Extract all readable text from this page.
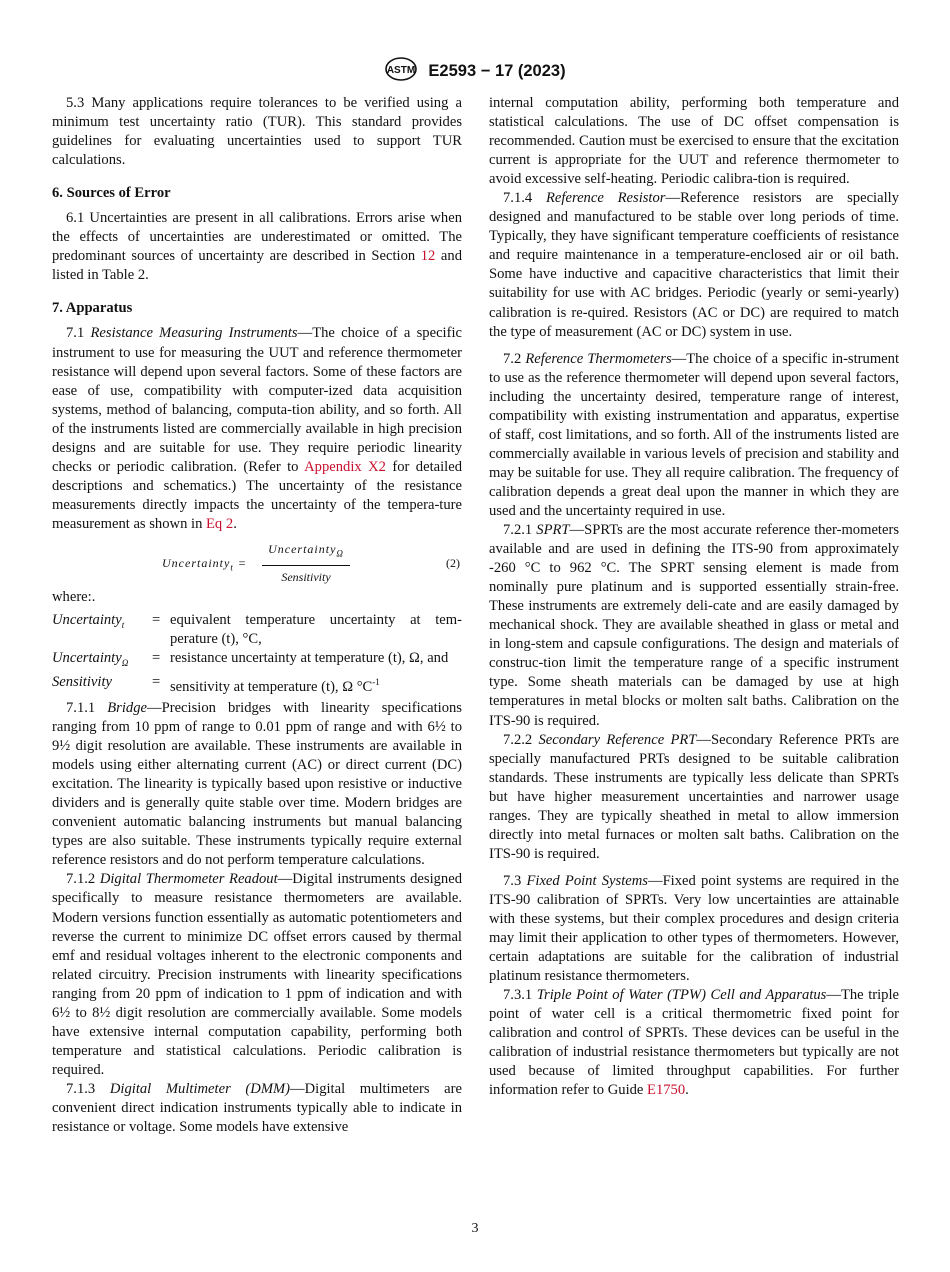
ASTM E2593 − 17 (2023)

5.3 Many applications require tolerances to be verified using a minimum test uncertainty ratio (TUR). This standard provides guidelines for evaluating uncertainties used to support TUR calculations.

6. Sources of Error

6.1 Uncertainties are present in all calibrations. Errors arise when the effects of uncertainties are underestimated or omitted. The predominant sources of uncertainty are described in Section 12 and listed in Table 2.

7. Apparatus

7.1 Resistance Measuring Instruments—The choice of a specific instrument to use for measuring the UUT and reference thermometer resistance will depend upon several factors. Some of these factors are ease of use, compatibility with computer-ized data acquisition systems, method of balancing, computa-tion ability, and so forth. All of the instruments listed are commercially available in high precision designs and are suitable for use. They require periodic linearity checks or periodic calibration. (Refer to Appendix X2 for detailed descriptions and schematics.) The uncertainty of the resistance measurements directly impacts the uncertainty of the tempera-ture measurement as shown in Eq 2.

Uncertainty$_t$ =
Uncertainty$_\Omega$
Sensitivity
(2)
where:.
Uncertainty$_t$	= equivalent temperature uncertainty at tem-perature (t), °C,
Uncertainty$_\Omega$	= resistance uncertainty at temperature (t), Ω, and
Sensitivity	= sensitivity at temperature (t), Ω $^\circ C^{-1}$

7.1.1 Bridge—Precision bridges with linearity specifications ranging from 10 ppm of range to 0.01 ppm of range and with 6½ to 9½ digit resolution are available. These instruments are available in models using either alternating current (AC) or direct current (DC) excitation. The linearity is typically based upon resistive or inductive dividers and is generally quite stable over time. Modern bridges are convenient automatic balancing instruments but manual balancing types are also suitable. These instruments typically require external reference resistors and do not perform temperature calculations.

7.1.2 Digital Thermometer Readout—Digital instruments designed specifically to measure resistance thermometers are available. Modern versions function essentially as automatic potentiometers and reverse the current to minimize DC offset errors caused by thermal emf and residual voltages inherent to the electronic components and related circuitry. Precision instruments with linearity specifications ranging from 20 ppm of indication to 1 ppm of indication and with 6½ to 8½ digit resolution are commercially available. Some models have extensive internal computation capability, performing both temperature and statistical calculations. Periodic calibration is required.

7.1.3 Digital Multimeter (DMM)—Digital multimeters are convenient direct indication instruments typically able to indicate in resistance or voltage. Some models have extensive

internal computation ability, performing both temperature and statistical calculations. The use of DC offset compensation is recommended. Caution must be exercised to ensure that the excitation current is appropriate for the UUT and reference thermometer to avoid excessive self-heating. Periodic calibra-tion is required.

7.1.4 Reference Resistor—Reference resistors are specially designed and manufactured to be stable over long periods of time. Typically, they have significant temperature coefficients of resistance and require maintenance in a temperature-enclosed air or oil bath. Some have inductive and capacitive characteristics that limit their suitability for use with AC bridges. Periodic (yearly or semi-yearly) calibration is re-quired. Resistors (AC or DC) are required to match the type of measurement (AC or DC) system in use.

7.2 Reference Thermometers—The choice of a specific in-strument to use as the reference thermometer will depend upon several factors, including the uncertainty desired, temperature range of interest, compatibility with existing instrumentation and apparatus, expertise of staff, cost limitations, and so forth. All of the instruments listed are commercially available in various levels of precision and stability and may be suitable for use. They all require calibration. The frequency of calibration depends a great deal upon the manner in which they are used and the uncertainty required in use.

7.2.1 SPRT—SPRTs are the most accurate reference ther-mometers available and are used in defining the ITS-90 from approximately -260 °C to 962 °C. The SPRT sensing element is made from nominally pure platinum and is supported essentially strain-free. These instruments are extremely deli-cate and are easily damaged by mechanical shock. They are available sheathed in glass or metal and in long-stem and capsule configurations. The design and materials of construc-tion limit the temperature range of a specific instrument type. Some sheath materials can be damaged by use at high temperatures in metal blocks or molten salt baths. Calibration on the ITS-90 is required.

7.2.2 Secondary Reference PRT—Secondary Reference PRTs are specially manufactured PRTs designed to be suitable calibration standards. These instruments are typically less delicate than SPRTs but have higher measurement uncertainties and narrower usage ranges. They are typically sheathed in metal to allow immersion directly into metal furnaces or molten salt baths. Calibration on the ITS-90 is required.

7.3 Fixed Point Systems—Fixed point systems are required in the ITS-90 calibration of SPRTs. Very low uncertainties are attainable with these systems, but their complex procedures and design criteria may limit their application to other types of thermometers. However, certain adaptations are suitable for the calibration of industrial platinum resistance thermometers.

7.3.1 Triple Point of Water (TPW) Cell and Apparatus—The triple point of water cell is a critical thermometric fixed point for calibration and control of SPRTs. These devices can be useful in the calibration of industrial resistance thermometers but typically are not used because of limited throughput capabilities. For further information refer to Guide E1750.

3
